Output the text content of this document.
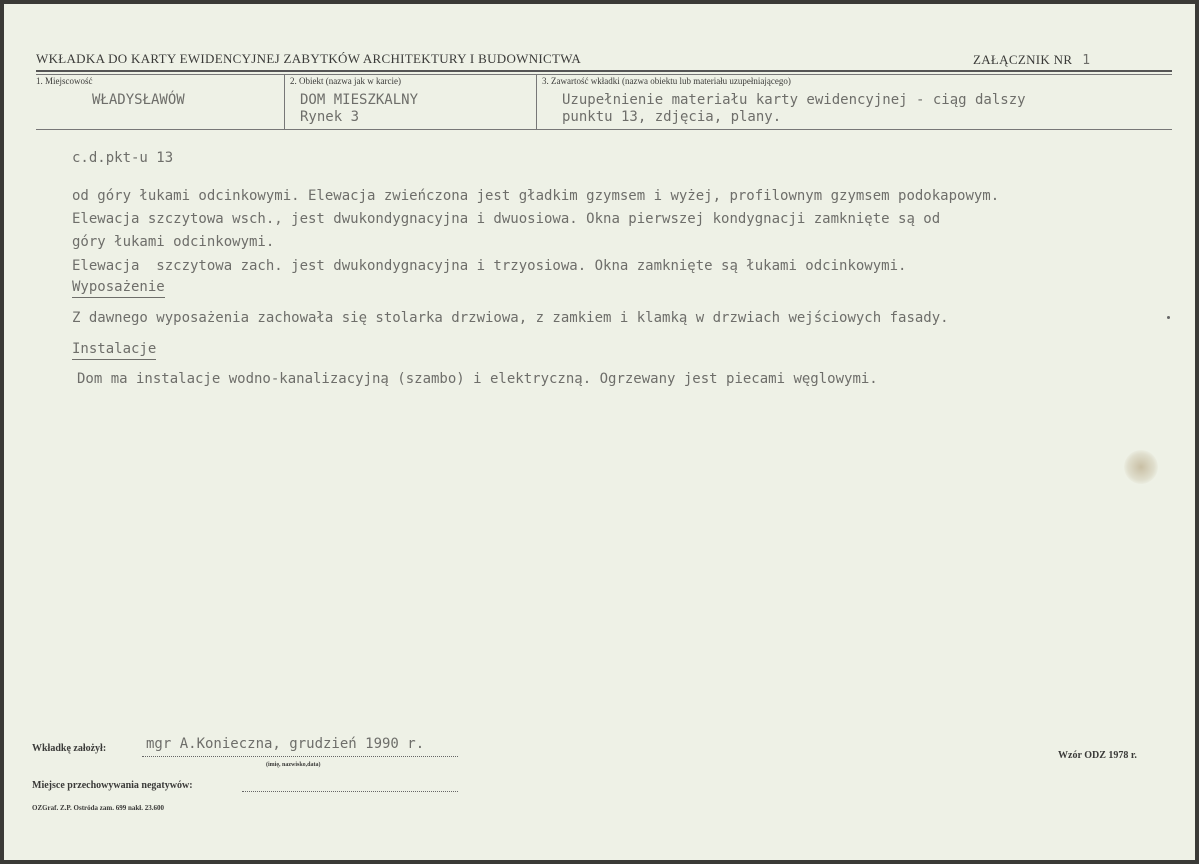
WKŁADKA DO KARTY EWIDENCYJNEJ ZABYTKÓW ARCHITEKTURY I BUDOWNICTWA	ZAŁĄCZNIK NR 1
1. Miejscowość
WŁADYSŁAWÓW
2. Obiekt (nazwa jak w karcie)
DOM MIESZKALNY
Rynek 3
3. Zawartość wkładki (nazwa obiektu lub materiału uzupełniającego)
Uzupełnienie materiału karty ewidencyjnej - ciąg dalszy
punktu 13, zdjęcia, plany.
c.d.pkt-u 13
od góry łukami odcinkowymi. Elewacja zwieńczona jest gładkim gzymsem i wyżej, profilownym gzymsem podokapowym.
Elewacja szczytowa wsch., jest dwukondygnacyjna i dwuosiowa. Okna pierwszej kondygnacji zamknięte są od
góry łukami odcinkowymi.
Elewacja  szczytowa zach. jest dwukondygnacyjna i trzyosiowa. Okna zamknięte są łukami odcinkowymi.
Wyposażenie
Z dawnego wyposażenia zachowała się stolarka drzwiowa, z zamkiem i klamką w drzwiach wejściowych fasady.
Instalacje
Dom ma instalacje wodno-kanalizacyjną (szambo) i elektryczną. Ogrzewany jest piecami węglowymi.
Wkładkę założył:	mgr A.Konieczna, grudzień 1990 r.
(imię, nazwisko,data)
Wzór ODZ 1978 r.
Miejsce przechowywania negatywów:
OZGraf. Z.P. Ostróda zam. 699 nakł. 23.600
